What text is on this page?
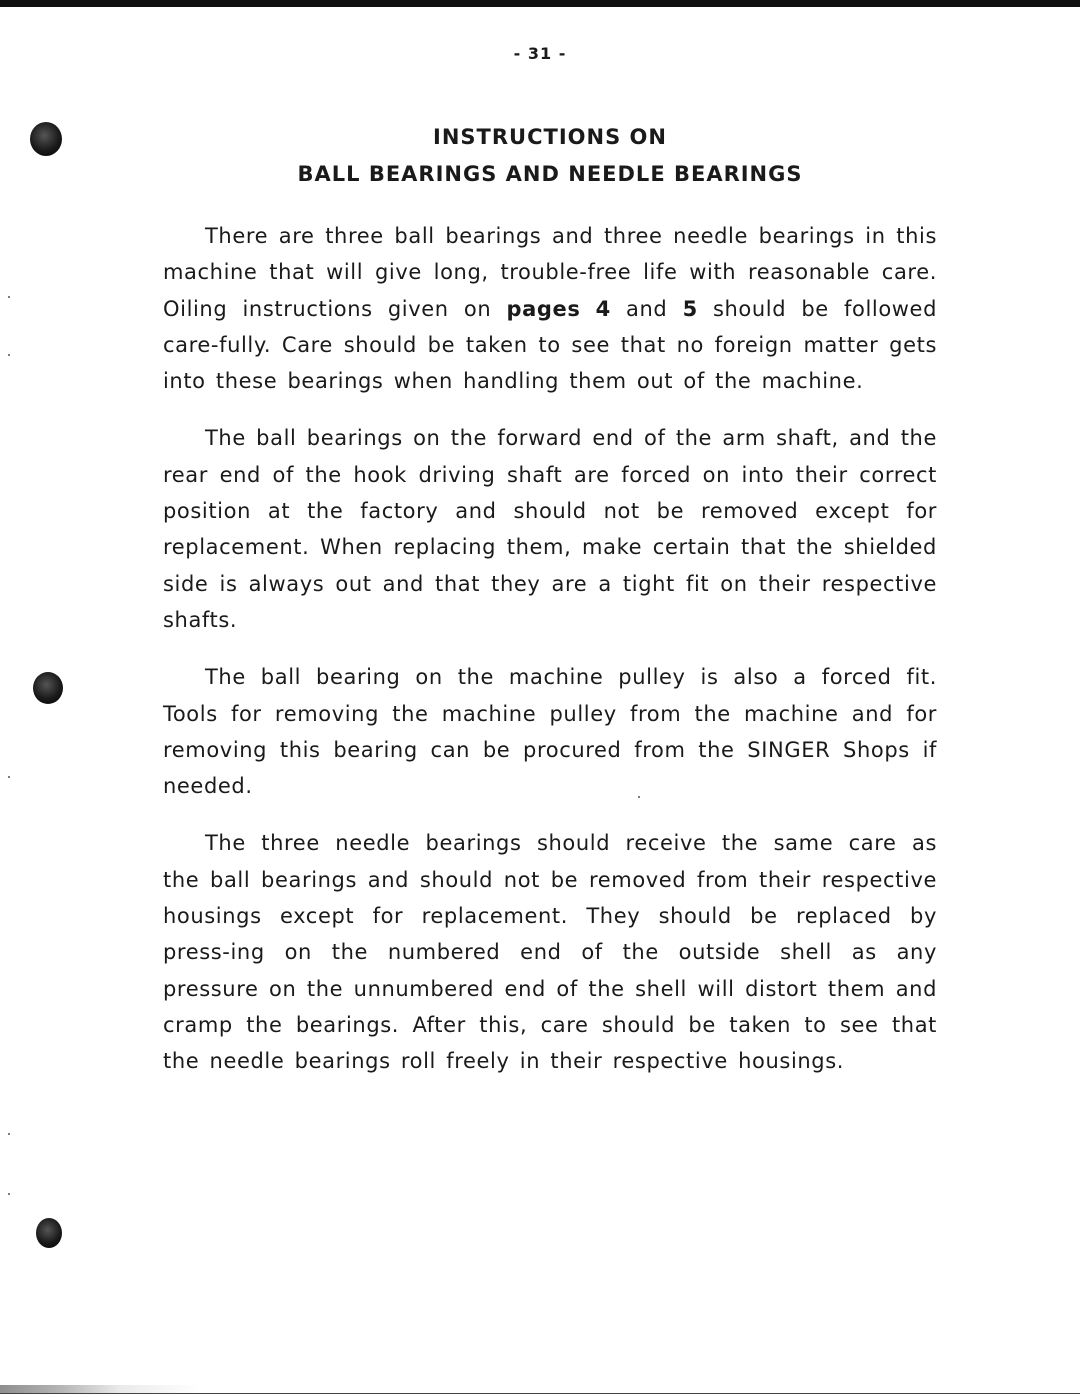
- 31 -
INSTRUCTIONS ON
BALL BEARINGS AND NEEDLE BEARINGS

There are three ball bearings and three needle bearings in this machine that will give long, trouble-free life with reasonable care. Oiling instructions given on pages 4 and 5 should be followed care-fully. Care should be taken to see that no foreign matter gets into these bearings when handling them out of the machine.

The ball bearings on the forward end of the arm shaft, and the rear end of the hook driving shaft are forced on into their correct position at the factory and should not be removed except for replacement. When replacing them, make certain that the shielded side is always out and that they are a tight fit on their respective shafts.

The ball bearing on the machine pulley is also a forced fit. Tools for removing the machine pulley from the machine and for removing this bearing can be procured from the SINGER Shops if needed.

The three needle bearings should receive the same care as the ball bearings and should not be removed from their respective housings except for replacement. They should be replaced by press-ing on the numbered end of the outside shell as any pressure on the unnumbered end of the shell will distort them and cramp the bearings. After this, care should be taken to see that the needle bearings roll freely in their respective housings.
